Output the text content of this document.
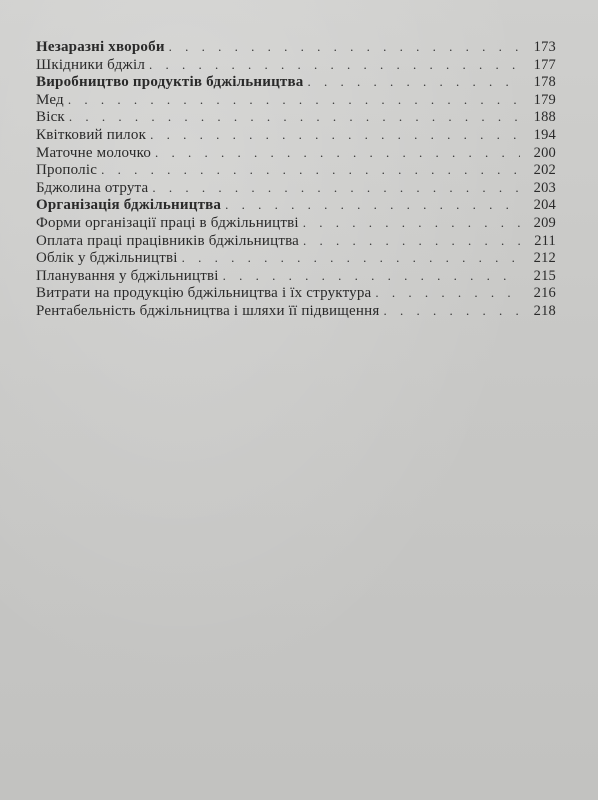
Незаразні хвороби . . .	173
Шкідники бджіл . . .	177
Виробництво продуктів бджільництва . . .	178
Мед . . .	179
Віск . . .	188
Квітковий пилок . . .	194
Маточне молочко . . .	200
Прополіс . . .	202
Бджолина отрута . . .	203
Організація бджільництва . . .	204
Форми організації праці в бджільництві . . .	209
Оплата праці працівників бджільництва . . .	211
Облік у бджільництві . . .	212
Планування у бджільництві . . .	215
Витрати на продукцію бджільництва і їх структура . . .	216
Рентабельність бджільництва і шляхи її підвищення . . .	218
